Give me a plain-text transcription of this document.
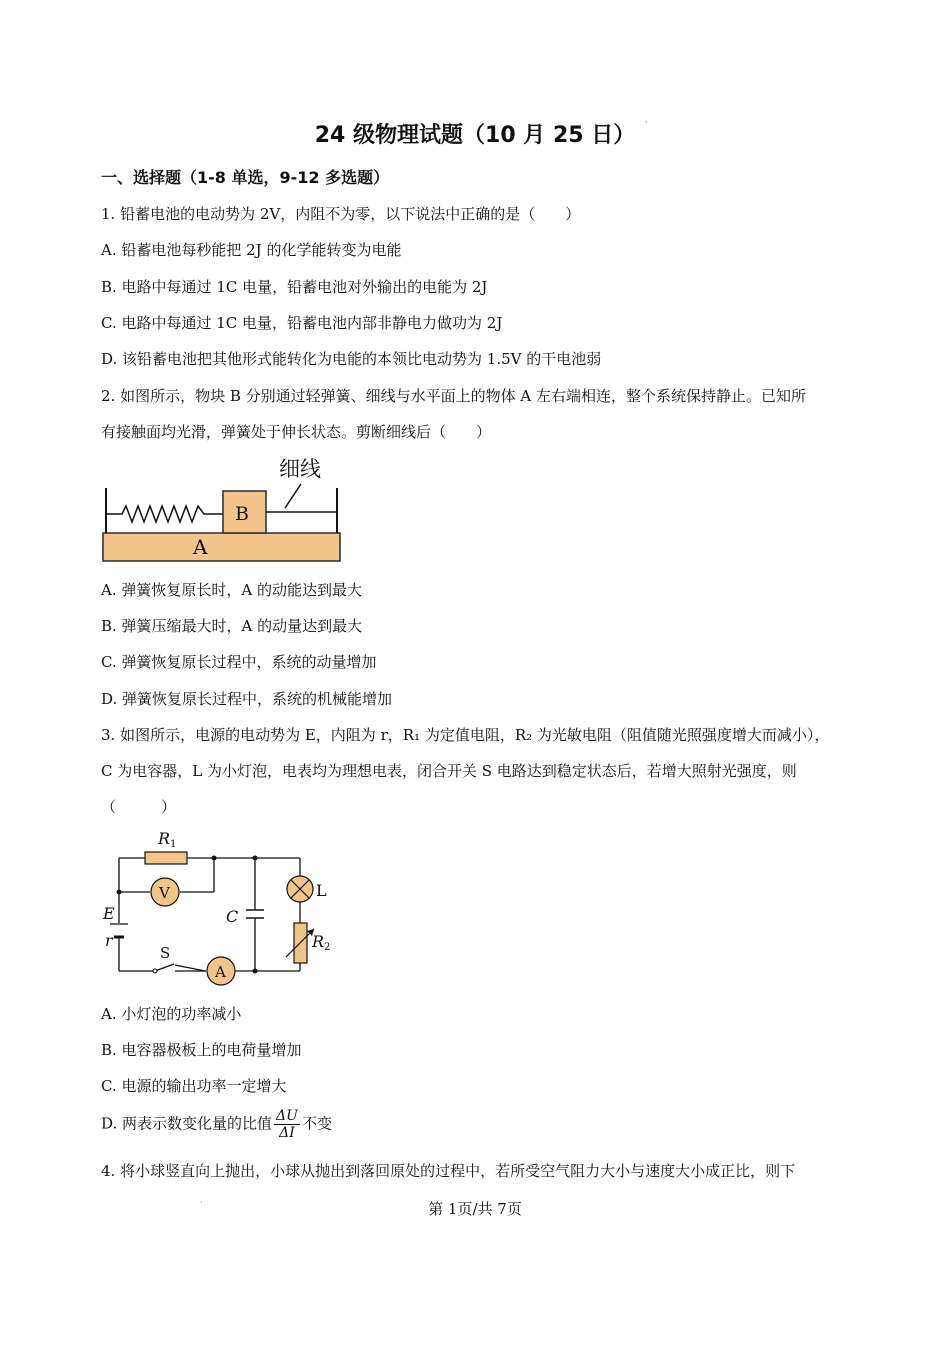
24 级物理试题（10 月 25 日）
·
一、选择题（1-8 单选，9-12 多选题）
1. 铅蓄电池的电动势为 2V，内阻不为零，以下说法中正确的是（　　）
A. 铅蓄电池每秒能把 2J 的化学能转变为电能
B. 电路中每通过 1C 电量，铅蓄电池对外输出的电能为 2J
C. 电路中每通过 1C 电量，铅蓄电池内部非静电力做功为 2J
D. 该铅蓄电池把其他形式能转化为电能的本领比电动势为 1.5V 的干电池弱
2. 如图所示，物块 B 分别通过轻弹簧、细线与水平面上的物体 A 左右端相连，整个系统保持静止。已知所
有接触面均光滑，弹簧处于伸长状态。剪断细线后（　　）
A
B
细线
A. 弹簧恢复原长时，A 的动能达到最大
B. 弹簧压缩最大时，A 的动量达到最大
C. 弹簧恢复原长过程中，系统的动量增加
D. 弹簧恢复原长过程中，系统的机械能增加
3. 如图所示，电源的电动势为 E，内阻为 r，R₁ 为定值电阻，R₂ 为光敏电阻（阻值随光照强度增大而减小），
C 为电容器，L 为小灯泡，电表均为理想电表，闭合开关 S 电路达到稳定状态后，若增大照射光强度，则
（　　　）
S
R1
V
E
r
C
L
R2
A
A. 小灯泡的功率减小
B. 电容器极板上的电荷量增加
C. 电源的输出功率一定增大
D. 两表示数变化量的比值 $\frac{\Delta U}{\Delta I}$ 不变
4. 将小球竖直向上抛出，小球从抛出到落回原处的过程中，若所受空气阻力大小与速度大小成正比，则下
·	第 1页/共 7页
